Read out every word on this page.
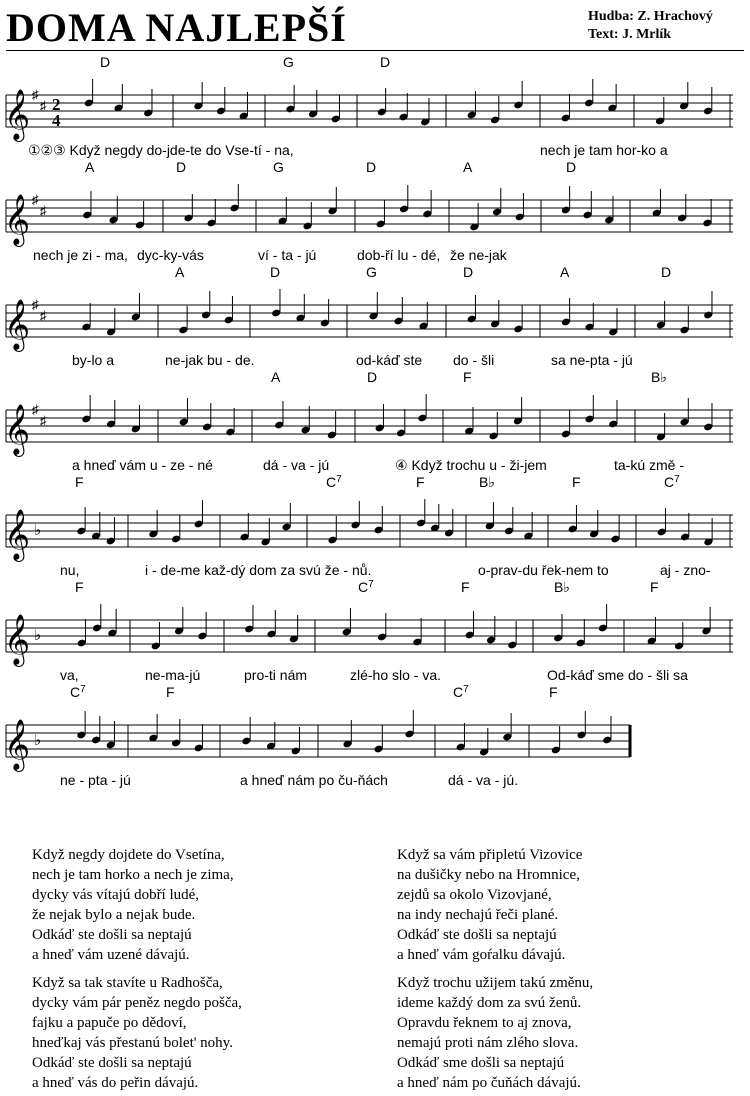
DOMA NAJLEPŠÍ	Hudba: Z. Hrachový
Text: J. Mrlík
𝄞 ♯
♯ 2
4
D	G	D
①②③ Když negdy do-jde-te do Vse-tí - na,	nech je tam hor-ko a
𝄞 ♯
♯
A	D	G	D	A	D
nech je zi - ma, dyc-ky-vás	ví - ta - jú	dob-ří lu - dé, že ne-jak
𝄞 ♯
♯
A	D	G	D	A	D
by-lo a	ne-jak bu - de.	od-káď ste do - šli	sa ne-pta - jú
𝄞 ♯
♯
A	D	F	B♭
a hneď vám u - ze - né	dá - va - jú	④ Když trochu u - ži-jem	ta-kú změ -
𝄞 ♭
F	$C^7$	F	B♭	F	$C^7$
nu,	i - de-me kaž-dý dom za svú že - nů.	o-prav-du řek-nem to	aj - zno-
𝄞 ♭
F	$C^7$	F	B♭	F
va,	ne-ma-jú	pro-ti nám	zlé-ho slo - va.	Od-káď sme do - šli sa
𝄞 ♭
$C^7$	F	$C^7$	F
ne - pta - jú	a hneď nám po ču-ňách	dá - va - jú.
Když negdy dojdete do Vsetína,
nech je tam horko a nech je zima,
dycky vás vítajú dobří ludé,
že nejak bylo a nejak bude.
Odkáď ste došli sa neptajú
a hneď vám uzené dávajú.
Když sa vám připletú Vizovice
na dušičky nebo na Hromnice,
zejdů sa okolo Vizovjané,
na indy nechajú řeči plané.
Odkáď ste došli sa neptajú
a hneď vám goŕalku dávajú.
Když sa tak stavíte u Radhošča,
dycky vám pár peněz negdo pošča,
fajku a papuče po dědoví,
hneďkaj vás přestanú bolet' nohy.
Odkáď ste došli sa neptajú
a hneď vás do peřin dávajú.
Když trochu užijem takú změnu,
ideme každý dom za svú ženů.
Opravdu řeknem to aj znova,
nemajú proti nám zlého slova.
Odkáď sme došli sa neptajú
a hneď nám po čuňách dávajú.
